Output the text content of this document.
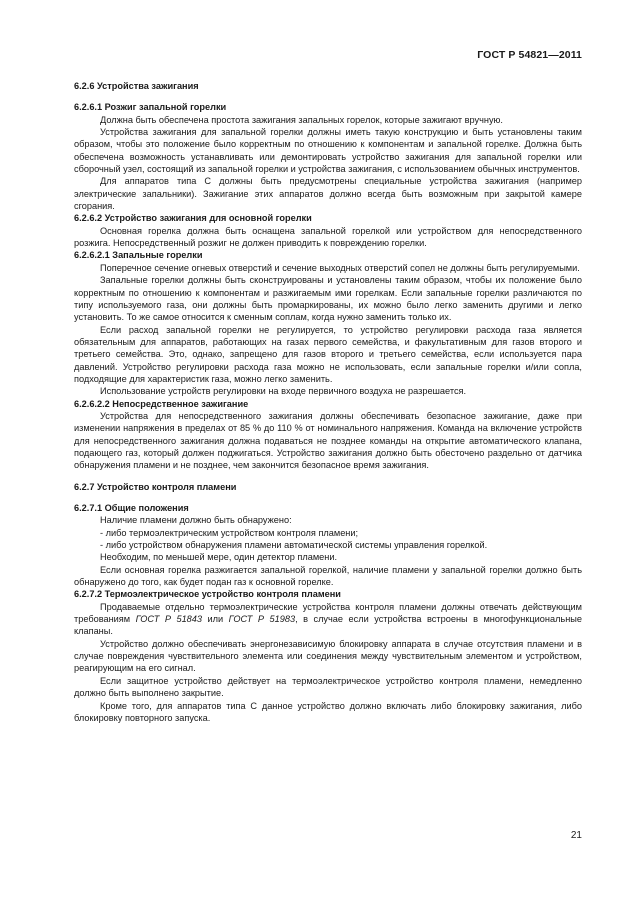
ГОСТ Р 54821—2011

6.2.6 Устройства зажигания

6.2.6.1 Розжиг запальной горелки

Должна быть обеспечена простота зажигания запальных горелок, которые зажигают вручную.

Устройства зажигания для запальной горелки должны иметь такую конструкцию и быть установлены таким образом, чтобы это положение было корректным по отношению к компонентам и запальной горелке. Должна быть обеспечена возможность устанавливать или демонтировать устройство зажигания для запальной горелки или сборочный узел, состоящий из запальной горелки и устройства зажигания, с использованием обычных инструментов.

Для аппаратов типа С должны быть предусмотрены специальные устройства зажигания (например электрические запальники). Зажигание этих аппаратов должно всегда быть возможным при закрытой камере сгорания.

6.2.6.2 Устройство зажигания для основной горелки

Основная горелка должна быть оснащена запальной горелкой или устройством для непосредственного розжига. Непосредственный розжиг не должен приводить к повреждению горелки.

6.2.6.2.1 Запальные горелки

Поперечное сечение огневых отверстий и сечение выходных отверстий сопел не должны быть регулируемыми.

Запальные горелки должны быть сконструированы и установлены таким образом, чтобы их положение было корректным по отношению к компонентам и разжигаемым ими горелкам. Если запальные горелки различаются по типу используемого газа, они должны быть промаркированы, их можно было легко заменить другими и легко установить. То же самое относится к сменным соплам, когда нужно заменить только их.

Если расход запальной горелки не регулируется, то устройство регулировки расхода газа является обязательным для аппаратов, работающих на газах первого семейства, и факультативным для газов второго и третьего семейства. Это, однако, запрещено для газов второго и третьего семейства, если используется пара давлений. Устройство регулировки расхода газа можно не использовать, если запальные горелки и/или сопла, подходящие для характеристик газа, можно легко заменить.

Использование устройств регулировки на входе первичного воздуха не разрешается.

6.2.6.2.2 Непосредственное зажигание

Устройства для непосредственного зажигания должны обеспечивать безопасное зажигание, даже при изменении напряжения в пределах от 85 % до 110 % от номинального напряжения. Команда на включение устройств для непосредственного зажигания должна подаваться не позднее команды на открытие автоматического клапана, подающего газ, который должен поджигаться. Устройство зажигания должно быть обесточено раздельно от датчика обнаружения пламени и не позднее, чем закончится безопасное время зажигания.

6.2.7 Устройство контроля пламени

6.2.7.1 Общие положения

Наличие пламени должно быть обнаружено:

- либо термоэлектрическим устройством контроля пламени;

- либо устройством обнаружения пламени автоматической системы управления горелкой.

Необходим, по меньшей мере, один детектор пламени.

Если основная горелка разжигается запальной горелкой, наличие пламени у запальной горелки должно быть обнаружено до того, как будет подан газ к основной горелке.

6.2.7.2 Термоэлектрическое устройство контроля пламени

Продаваемые отдельно термоэлектрические устройства контроля пламени должны отвечать действующим требованиям ГОСТ Р 51843 или ГОСТ Р 51983, в случае если устройства встроены в многофункциональные клапаны.

Устройство должно обеспечивать энергонезависимую блокировку аппарата в случае отсутствия пламени и в случае повреждения чувствительного элемента или соединения между чувствительным элементом и устройством, реагирующим на его сигнал.

Если защитное устройство действует на термоэлектрическое устройство контроля пламени, немедленно должно быть выполнено закрытие.

Кроме того, для аппаратов типа С данное устройство должно включать либо блокировку зажигания, либо блокировку повторного запуска.

21
